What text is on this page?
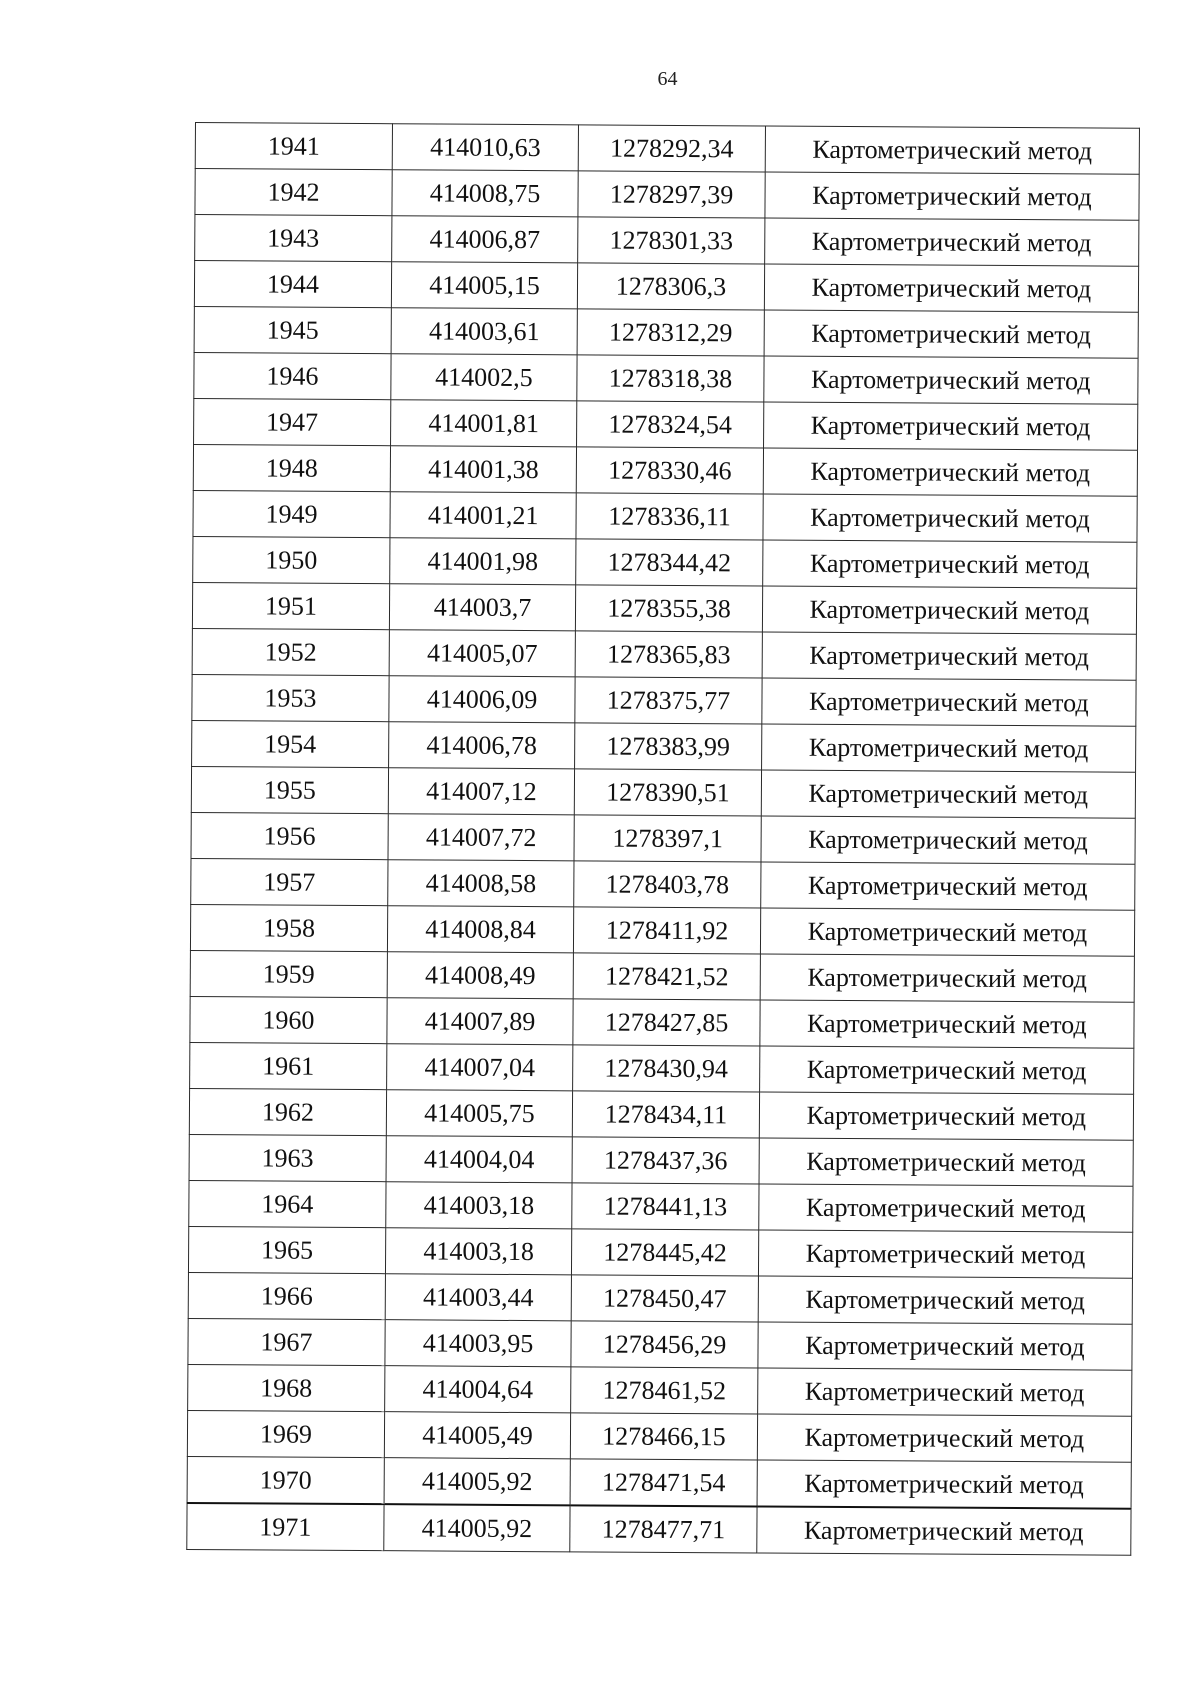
64
1941	414010,63	1278292,34	Картометрический метод
1942	414008,75	1278297,39	Картометрический метод
1943	414006,87	1278301,33	Картометрический метод
1944	414005,15	1278306,3	Картометрический метод
1945	414003,61	1278312,29	Картометрический метод
1946	414002,5	1278318,38	Картометрический метод
1947	414001,81	1278324,54	Картометрический метод
1948	414001,38	1278330,46	Картометрический метод
1949	414001,21	1278336,11	Картометрический метод
1950	414001,98	1278344,42	Картометрический метод
1951	414003,7	1278355,38	Картометрический метод
1952	414005,07	1278365,83	Картометрический метод
1953	414006,09	1278375,77	Картометрический метод
1954	414006,78	1278383,99	Картометрический метод
1955	414007,12	1278390,51	Картометрический метод
1956	414007,72	1278397,1	Картометрический метод
1957	414008,58	1278403,78	Картометрический метод
1958	414008,84	1278411,92	Картометрический метод
1959	414008,49	1278421,52	Картометрический метод
1960	414007,89	1278427,85	Картометрический метод
1961	414007,04	1278430,94	Картометрический метод
1962	414005,75	1278434,11	Картометрический метод
1963	414004,04	1278437,36	Картометрический метод
1964	414003,18	1278441,13	Картометрический метод
1965	414003,18	1278445,42	Картометрический метод
1966	414003,44	1278450,47	Картометрический метод
1967	414003,95	1278456,29	Картометрический метод
1968	414004,64	1278461,52	Картометрический метод
1969	414005,49	1278466,15	Картометрический метод
1970	414005,92	1278471,54	Картометрический метод
1971	414005,92	1278477,71	Картометрический метод
